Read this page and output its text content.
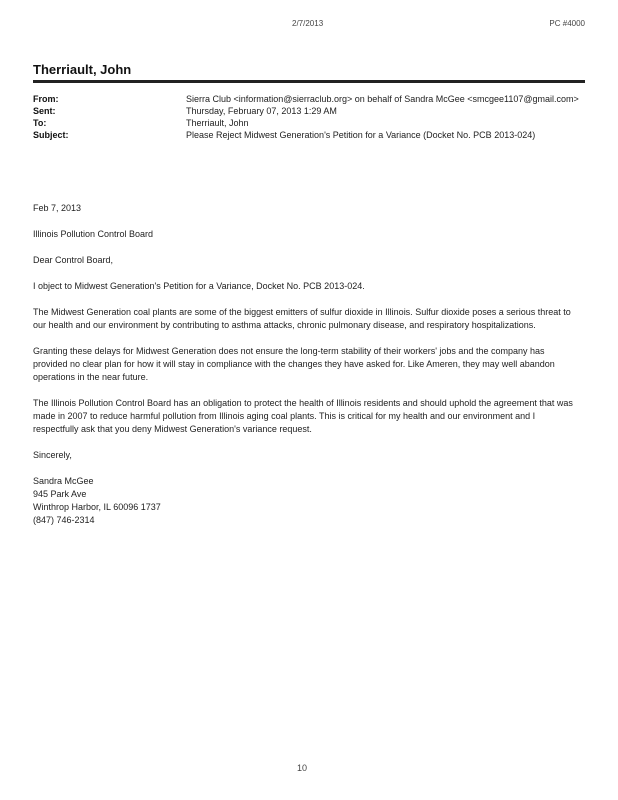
2/7/2013	PC #4000
Therriault, John
From:	Sierra Club <information@sierraclub.org> on behalf of Sandra McGee <smcgee1107@gmail.com>
Sent:	Thursday, February 07, 2013 1:29 AM
To:	Therriault, John
Subject:	Please Reject Midwest Generation's Petition for a Variance (Docket No. PCB 2013-024)

Feb 7, 2013

Illinois Pollution Control Board

Dear Control Board,

I object to Midwest Generation's Petition for a Variance, Docket No. PCB 2013-024.

The Midwest Generation coal plants are some of the biggest emitters of sulfur dioxide in Illinois. Sulfur dioxide poses a serious threat to our health and our environment by contributing to asthma attacks, chronic pulmonary disease, and respiratory hospitalizations.

Granting these delays for Midwest Generation does not ensure the long-term stability of their workers' jobs and the company has provided no clear plan for how it will stay in compliance with the changes they have asked for. Like Ameren, they may well abandon operations in the near future.

The Illinois Pollution Control Board has an obligation to protect the health of Illinois residents and should uphold the agreement that was made in 2007 to reduce harmful pollution from Illinois aging coal plants. This is critical for my health and our environment and I respectfully ask that you deny Midwest Generation's variance request.

Sincerely,

Sandra McGee
945 Park Ave
Winthrop Harbor, IL 60096 1737
(847) 746-2314

10
